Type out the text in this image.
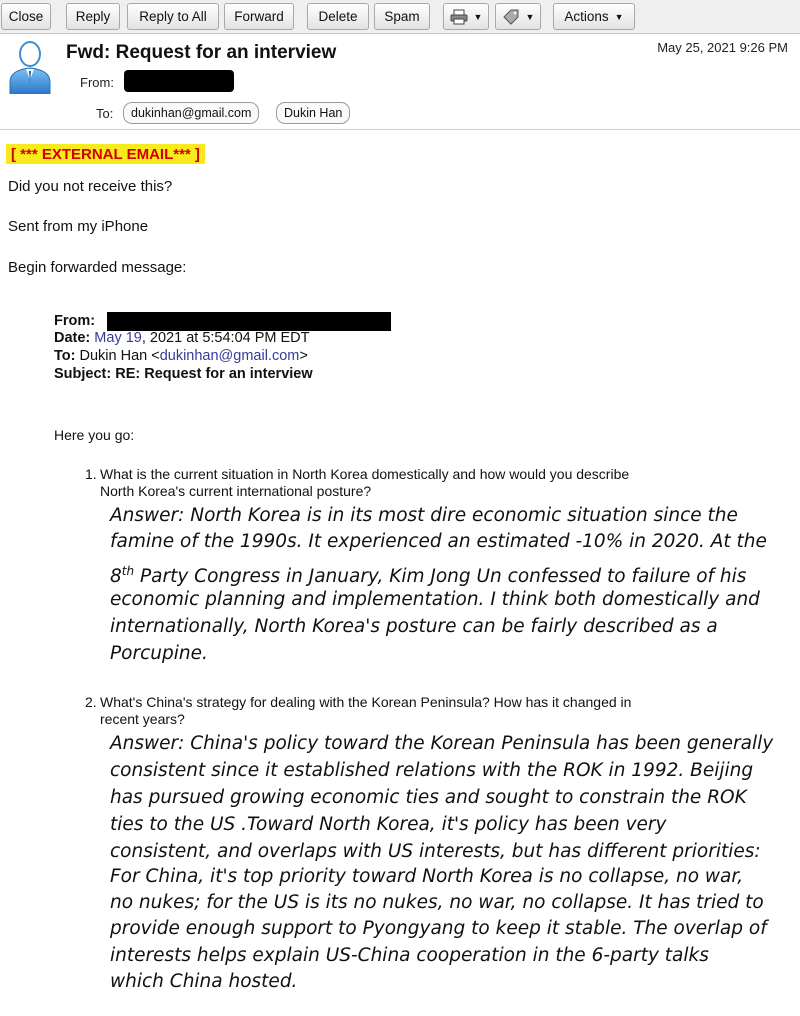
Close	Reply	Reply to All	Forward	Delete	Spam	▼	▼ Actions ▼
Fwd: Request for an interview	May 25, 2021 9:26 PM
From:
To:	dukinhan@gmail.com	Dukin Han
[ *** EXTERNAL EMAIL*** ]
Did you not receive this?
Sent from my iPhone
Begin forwarded message:
From:
Date: May 19, 2021 at 5:54:04 PM EDT
To: Dukin Han <dukinhan@gmail.com>
Subject: RE: Request for an interview
Here you go:
1. What is the current situation in North Korea domestically and how would you describe
North Korea's current international posture?
Answer: North Korea is in its most dire economic situation since the
famine of the 1990s. It experienced an estimated -10% in 2020. At the
8th Party Congress in January, Kim Jong Un confessed to failure of his
economic planning and implementation. I think both domestically and
internationally, North Korea's posture can be fairly described as a
Porcupine.
2. What's China's strategy for dealing with the Korean Peninsula? How has it changed in
recent years?
Answer: China's policy toward the Korean Peninsula has been generally
consistent since it established relations with the ROK in 1992. Beijing
has pursued growing economic ties and sought to constrain the ROK
ties to the US .Toward North Korea, it's policy has been very
consistent, and overlaps with US interests, but has different priorities:
For China, it's top priority toward North Korea is no collapse, no war,
no nukes; for the US is its no nukes, no war, no collapse. It has tried to
provide enough support to Pyongyang to keep it stable. The overlap of
interests helps explain US-China cooperation in the 6-party talks
which China hosted.
